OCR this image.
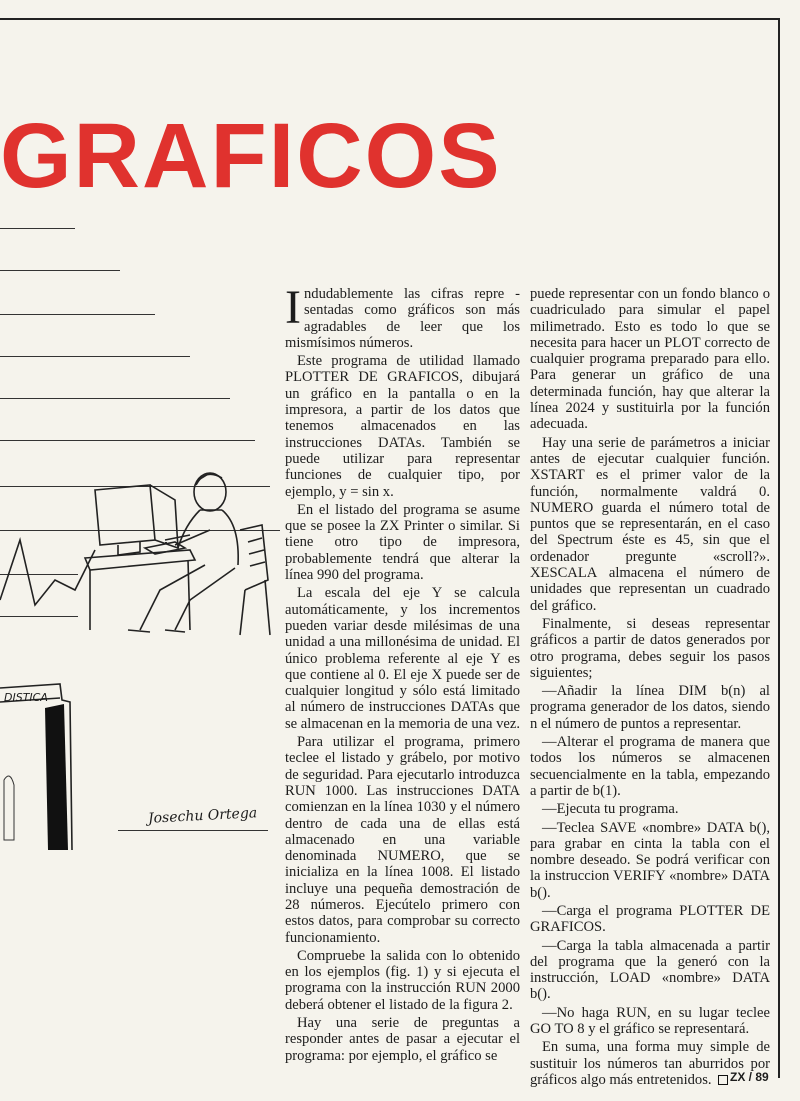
GRAFICOS
DISTICA
Josechu Ortega

Indudablemente las cifras repre - sentadas como gráficos son más agradables de leer que los mismísimos números.

Este programa de utilidad llamado PLOTTER DE GRAFICOS, dibujará un gráfico en la pantalla o en la impresora, a partir de los datos que tenemos almacenados en las instrucciones DATAs. También se puede utilizar para representar funciones de cualquier tipo, por ejemplo, y = sin x.

En el listado del programa se asume que se posee la ZX Printer o similar. Si tiene otro tipo de impresora, probablemente tendrá que alterar la línea 990 del programa.

La escala del eje Y se calcula automáticamente, y los incrementos pueden variar desde milésimas de una unidad a una millonésima de unidad. El único problema referente al eje Y es que contiene al 0. El eje X puede ser de cualquier longitud y sólo está limitado al número de instrucciones DATAs que se almacenan en la memoria de una vez.

Para utilizar el programa, primero teclee el listado y grábelo, por motivo de seguridad. Para ejecutarlo introduzca RUN 1000. Las instrucciones DATA comienzan en la línea 1030 y el número dentro de cada una de ellas está almacenado en una variable denominada NUMERO, que se inicializa en la línea 1008. El listado incluye una pequeña demostración de 28 números. Ejecútelo primero con estos datos, para comprobar su correcto funcionamiento.

Compruebe la salida con lo obtenido en los ejemplos (fig. 1) y si ejecuta el programa con la instrucción RUN 2000 deberá obtener el listado de la figura 2.

Hay una serie de preguntas a responder antes de pasar a ejecutar el programa: por ejemplo, el gráfico se

puede representar con un fondo blanco o cuadriculado para simular el papel milimetrado. Esto es todo lo que se necesita para hacer un PLOT correcto de cualquier programa preparado para ello. Para generar un gráfico de una determinada función, hay que alterar la línea 2024 y sustituirla por la función adecuada.

Hay una serie de parámetros a iniciar antes de ejecutar cualquier función. XSTART es el primer valor de la función, normalmente valdrá 0. NUMERO guarda el número total de puntos que se representarán, en el caso del Spectrum éste es 45, sin que el ordenador pregunte «scroll?». XESCALA almacena el número de unidades que representan un cuadrado del gráfico.

Finalmente, si deseas representar gráficos a partir de datos generados por otro programa, debes seguir los pasos siguientes;

—Añadir la línea DIM b(n) al programa generador de los datos, siendo n el número de puntos a representar.

—Alterar el programa de manera que todos los números se almacenen secuencialmente en la tabla, empezando a partir de b(1).

—Ejecuta tu programa.

—Teclea SAVE «nombre» DATA b(), para grabar en cinta la tabla con el nombre deseado. Se podrá verificar con la instruccion VERIFY «nombre» DATA b().

—Carga el programa PLOTTER DE GRAFICOS.

—Carga la tabla almacenada a partir del programa que la generó con la instrucción, LOAD «nombre» DATA b().

—No haga RUN, en su lugar teclee GO TO 8 y el gráfico se representará.

En suma, una forma muy simple de sustituir los números tan aburridos por gráficos algo más entretenidos.	ZX / 89
